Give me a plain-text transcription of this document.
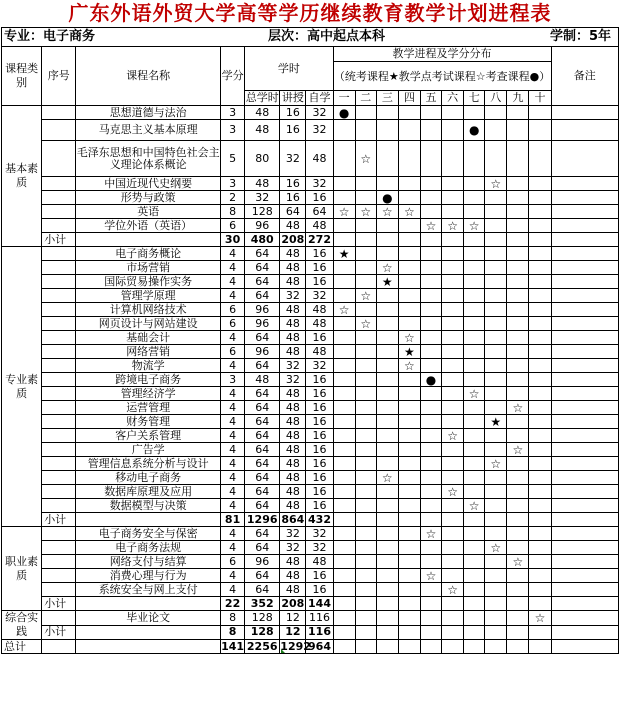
广东外语外贸大学高等学历继续教育教学计划进程表
专业：电子商务	层次：高中起点本科	学制：5年
课程类别	序号	课程名称	学分	学时			教学进程及学分分布										备注
							（统考课程★教学点考试课程☆考查课程●）										
				总学时	讲授	自学	一	二	三	四	五	六	七	八	九	十	
基本素质		思想道德与法治	3	48	16	32	●										
		马克思主义基本原理	3	48	16	32							●				
		毛泽东思想和中国特色社会主义理论体系概论	5	80	32	48		☆									
		中国近现代史纲要	3	48	16	32								☆			
		形势与政策	2	32	16	16			●								
		英语	8	128	64	64	☆	☆	☆	☆							
		学位外语（英语）	6	96	48	48					☆	☆	☆				
	小计		30	480	208	272											
专业素质		电子商务概论	4	64	48	16	★										
		市场营销	4	64	48	16			☆								
		国际贸易操作实务	4	64	48	16			★								
		管理学原理	4	64	32	32		☆									
		计算机网络技术	6	96	48	48	☆										
		网页设计与网站建设	6	96	48	48		☆									
		基础会计	4	64	48	16				☆							
		网络营销	6	96	48	48				★							
		物流学	4	64	32	32				☆							
		跨境电子商务	3	48	32	16					●						
		管理经济学	4	64	48	16							☆				
		运营管理	4	64	48	16									☆		
		财务管理	4	64	48	16								★			
		客户关系管理	4	64	48	16						☆					
		广告学	4	64	48	16									☆		
		管理信息系统分析与设计	4	64	48	16								☆			
		移动电子商务	4	64	48	16			☆								
		数据库原理及应用	4	64	48	16						☆					
		数据模型与决策	4	64	48	16							☆				
	小计		81	1296	864	432											
职业素质		电子商务安全与保密	4	64	32	32					☆						
		电子商务法规	4	64	32	32								☆			
		网络支付与结算	6	96	48	48									☆		
		消费心理与行为	4	64	48	16					☆						
		系统安全与网上支付	4	64	48	16						☆					
	小计		22	352	208	144											
综合实践		毕业论文	8	128	12	116										☆	
	小计		8	128	12	116											
总计			141	2256	1292	964											
